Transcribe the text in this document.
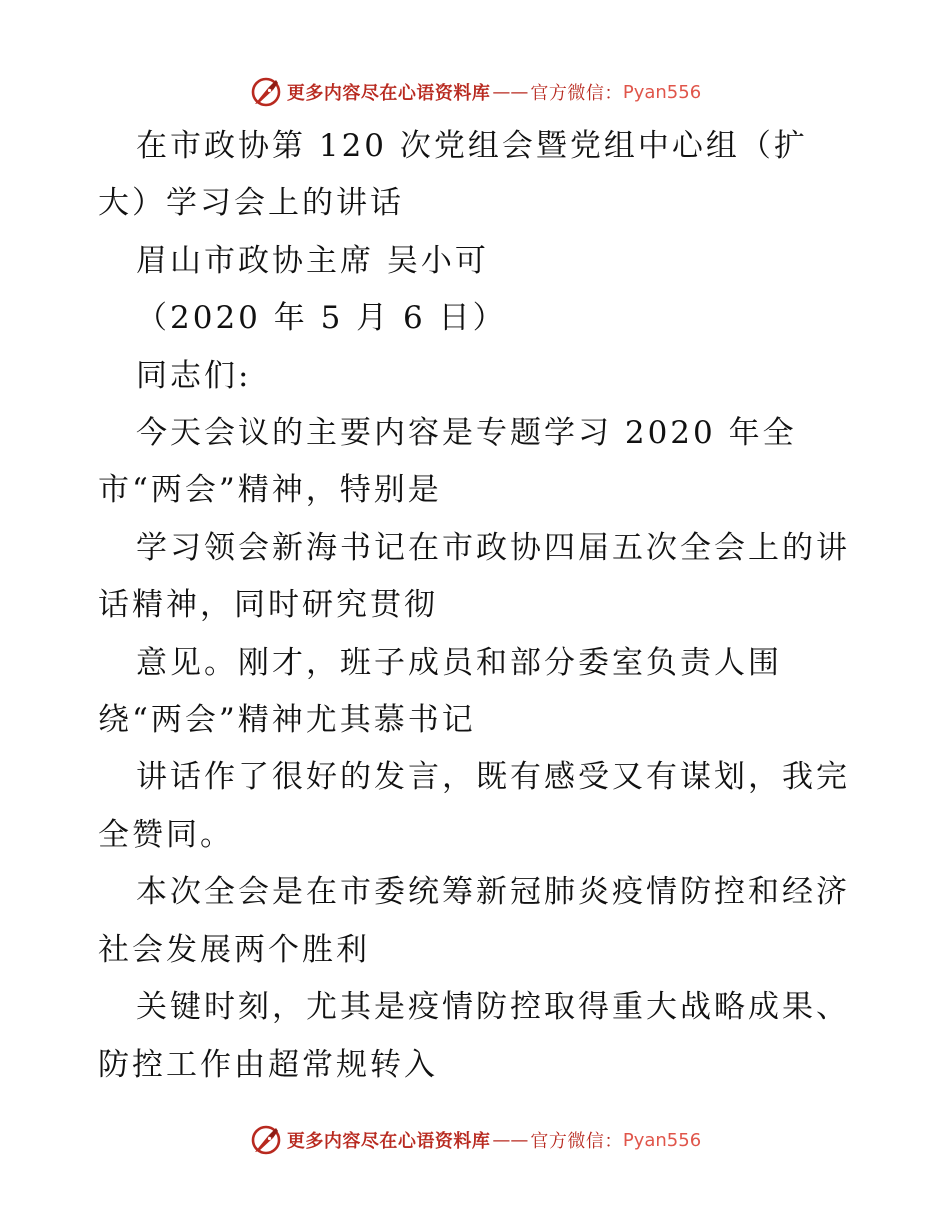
更多内容尽在心语资料库 —— 官方微信： Pyan556

在市政协第 120 次党组会暨党组中心组（扩
大）学习会上的讲话

眉山市政协主席 吴小可

（2020 年 5 月 6 日）

同志们:

今天会议的主要内容是专题学习 2020 年全
市“两会”精神，特别是

学习领会新海书记在市政协四届五次全会上的讲
话精神，同时研究贯彻

意见。刚才，班子成员和部分委室负责人围
绕“两会”精神尤其慕书记

讲话作了很好的发言，既有感受又有谋划，我完
全赞同。

本次全会是在市委统筹新冠肺炎疫情防控和经济
社会发展两个胜利

关键时刻，尤其是疫情防控取得重大战略成果、
防控工作由超常规转入

更多内容尽在心语资料库 —— 官方微信： Pyan556
